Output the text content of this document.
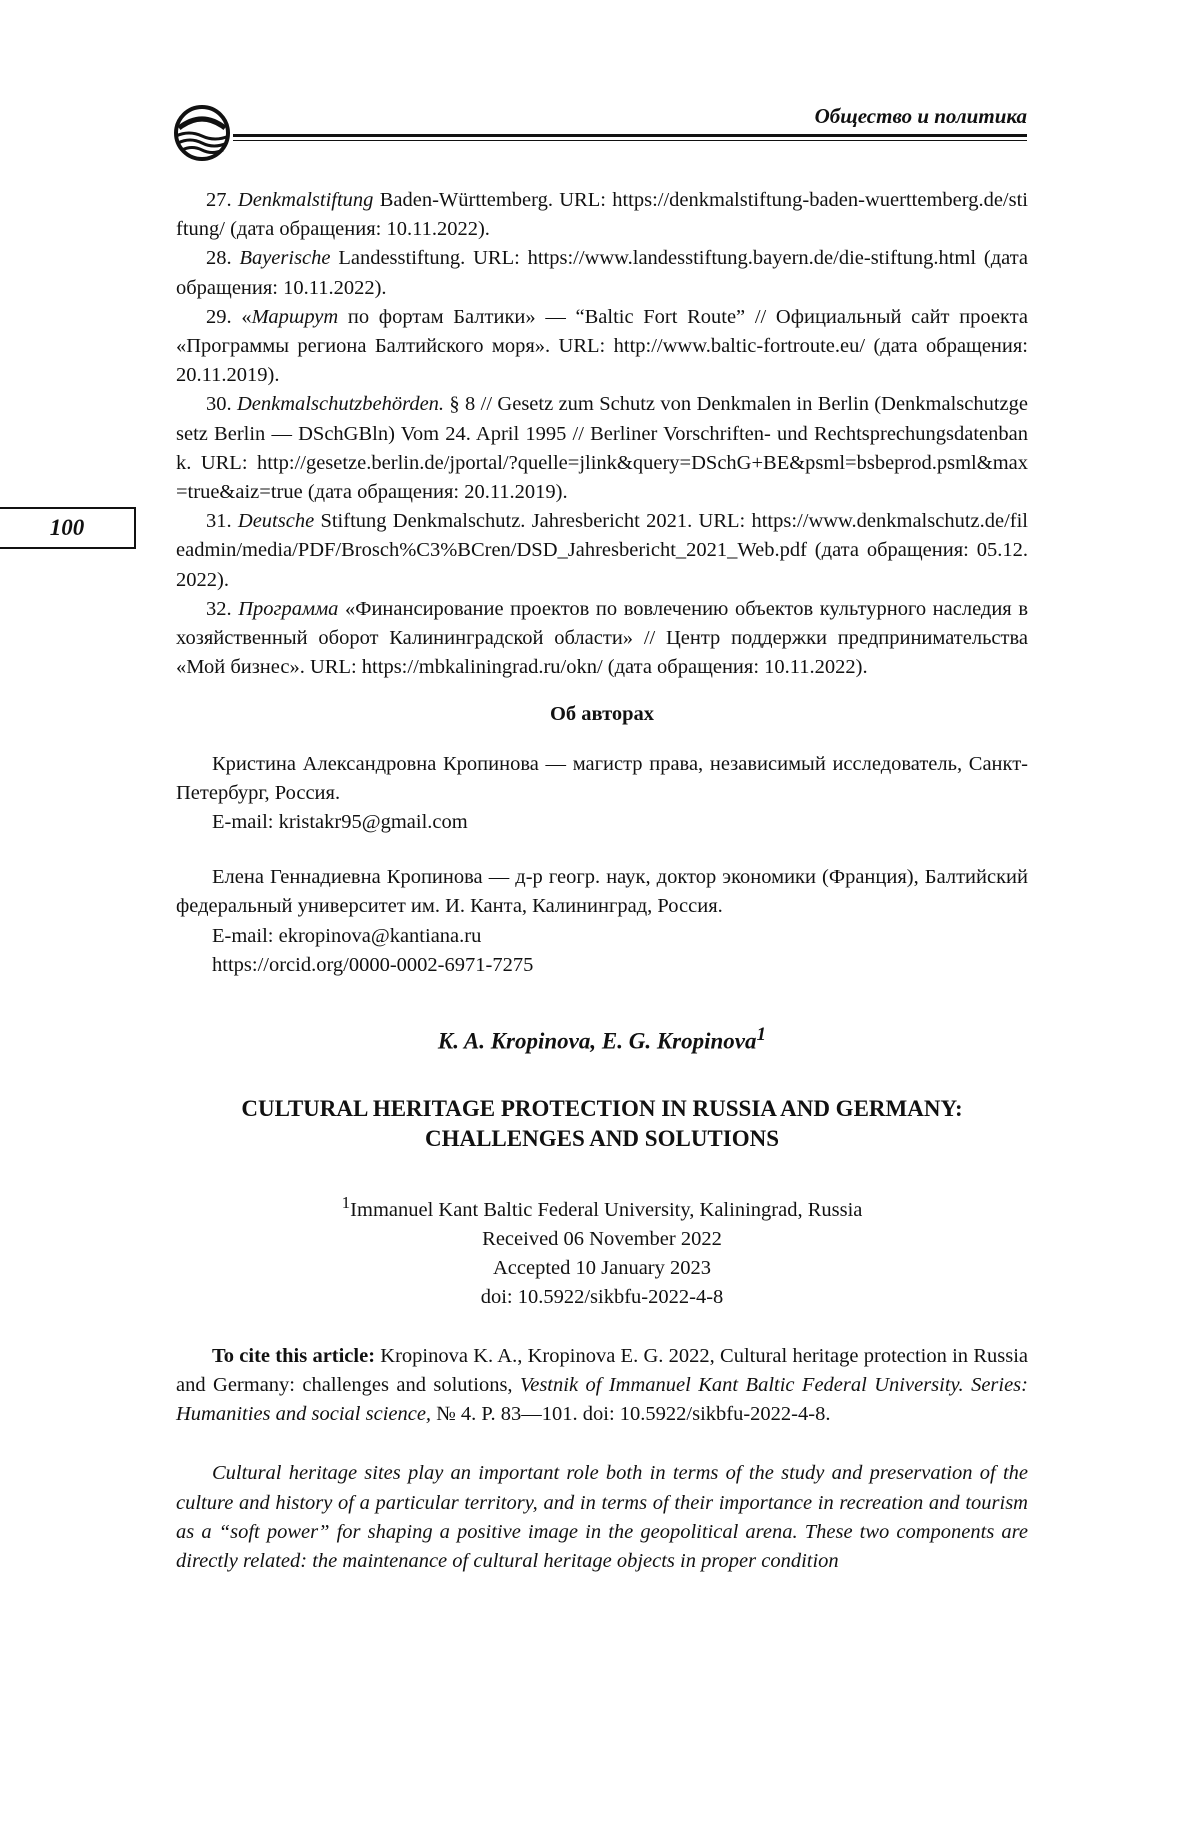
Общество и политика
100

27. Denkmalstiftung Baden-Württemberg. URL: https://denkmalstiftung-baden-wuerttemberg.de/stiftung/ (дата обращения: 10.11.2022).

28. Bayerische Landesstiftung. URL: https://www.landesstiftung.bayern.de/die-stiftung.html (дата обращения: 10.11.2022).

29. «Маршрут по фортам Балтики» — “Baltic Fort Route” // Официальный сайт проекта «Программы региона Балтийского моря». URL: http://www.baltic-fortroute.eu/ (дата обращения: 20.11.2019).

30. Denkmalschutzbehörden. § 8 // Gesetz zum Schutz von Denkmalen in Berlin (Denkmalschutzgesetz Berlin — DSchGBln) Vom 24. April 1995 // Berliner Vorschriften- und Rechtsprechungsdatenbank. URL: http://gesetze.berlin.de/jportal/?quelle=jlink&query=DSchG+BE&psml=bsbeprod.psml&max=true&aiz=true (дата обращения: 20.11.2019).

31. Deutsche Stiftung Denkmalschutz. Jahresbericht 2021. URL: https://www.denkmalschutz.de/fileadmin/media/PDF/Brosch%C3%BCren/DSD_Jahresbericht_2021_Web.pdf (дата обращения: 05.12.2022).

32. Программа «Финансирование проектов по вовлечению объектов культурного наследия в хозяйственный оборот Калининградской области» // Центр поддержки предпринимательства «Мой бизнес». URL: https://mbkaliningrad.ru/okn/ (дата обращения: 10.11.2022).

Об авторах

Кристина Александровна Кропинова — магистр права, независимый исследователь, Санкт-Петербург, Россия.

E-mail: kristakr95@gmail.com

Елена Геннадиевна Кропинова — д-р геогр. наук, доктор экономики (Франция), Балтийский федеральный университет им. И. Канта, Калининград, Россия.

E-mail: ekropinova@kantiana.ru

https://orcid.org/0000-0002-6971-7275

K. A. Kropinova, E. G. Kropinova$^1$
CULTURAL HERITAGE PROTECTION IN RUSSIA AND GERMANY: CHALLENGES AND SOLUTIONS
$^1$Immanuel Kant Baltic Federal University, Kaliningrad, Russia
Received 06 November 2022
Accepted 10 January 2023
doi: 10.5922/sikbfu-2022-4-8

To cite this article: Kropinova K. A., Kropinova E. G. 2022, Cultural heritage protection in Russia and Germany: challenges and solutions, Vestnik of Immanuel Kant Baltic Federal University. Series: Humanities and social science, № 4. P. 83—101. doi: 10.5922/sikbfu-2022-4-8.

Cultural heritage sites play an important role both in terms of the study and preservation of the culture and history of a particular territory, and in terms of their importance in recreation and tourism as a “soft power” for shaping a positive image in the geopolitical arena. These two components are directly related: the maintenance of cultural heritage objects in proper condition
